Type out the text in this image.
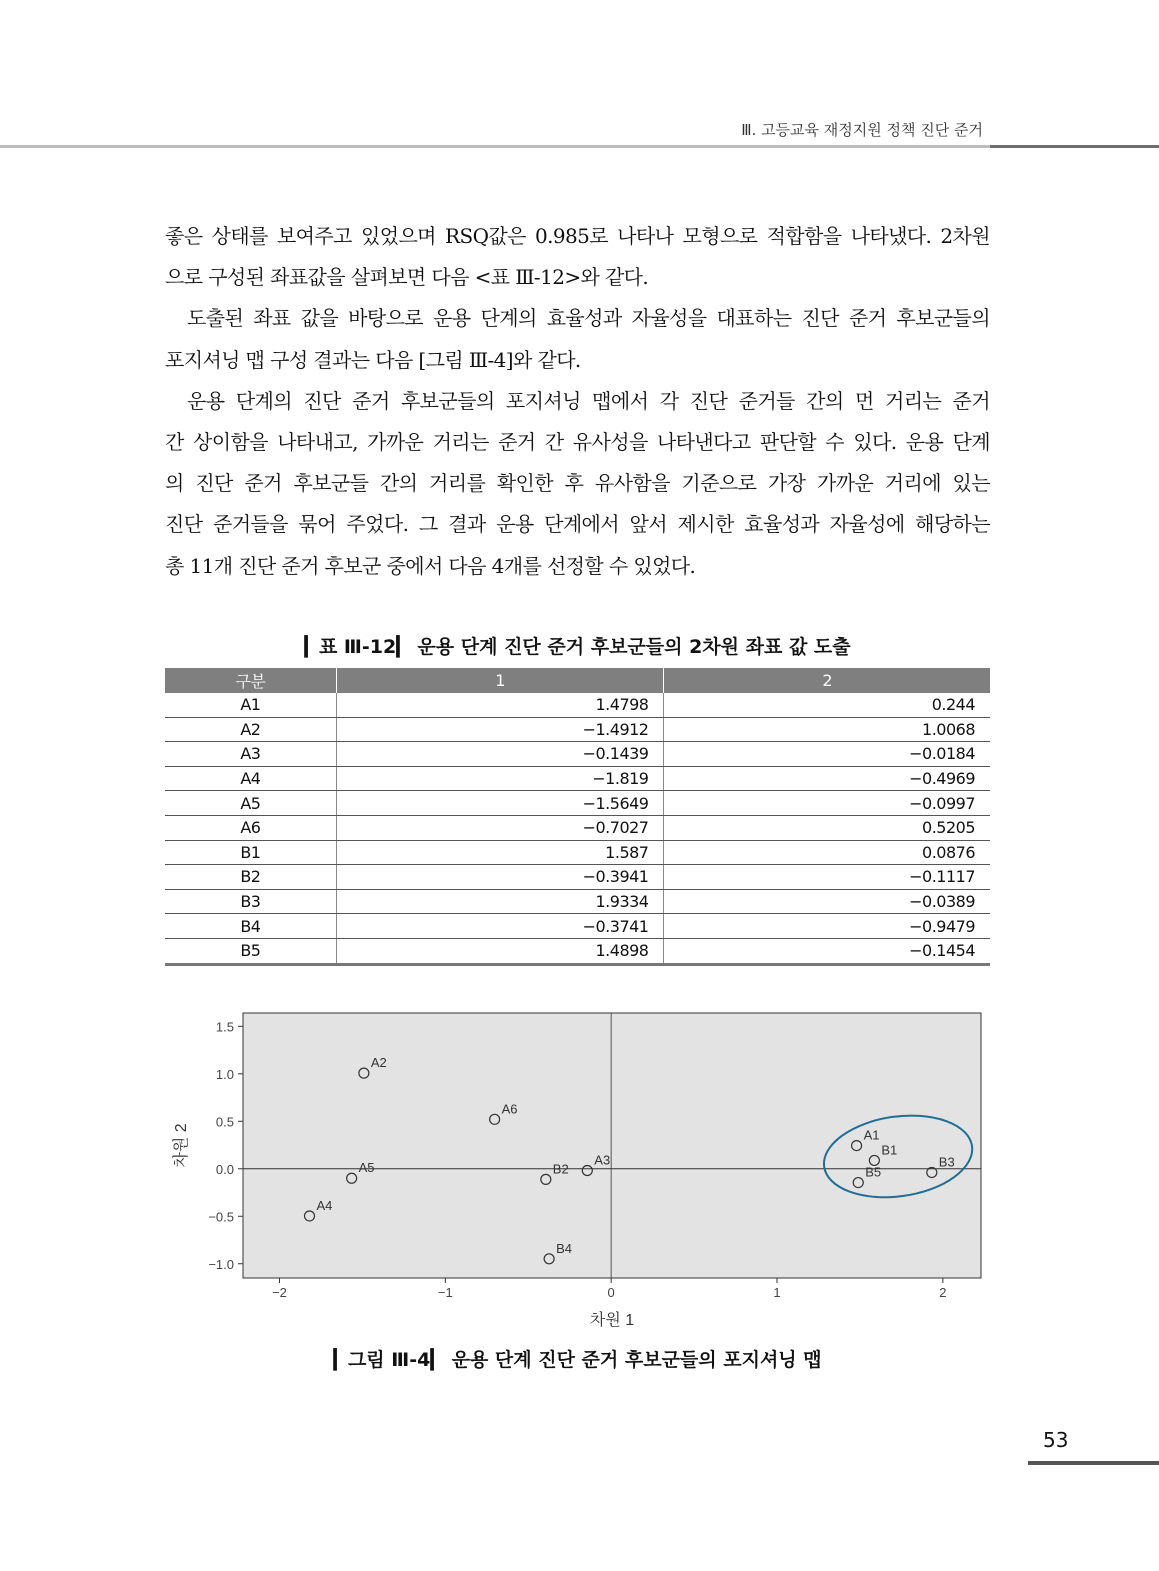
Ⅲ. 고등교육 재정지원 정책 진단 준거
좋은 상태를 보여주고 있었으며 RSQ값은 0.985로 나타나 모형으로 적합함을 나타냈다. 2차원
으로 구성된 좌표값을 살펴보면 다음 <표 Ⅲ-12>와 같다.
도출된 좌표 값을 바탕으로 운용 단계의 효율성과 자율성을 대표하는 진단 준거 후보군들의
포지셔닝 맵 구성 결과는 다음 [그림 Ⅲ-4]와 같다.
운용 단계의 진단 준거 후보군들의 포지셔닝 맵에서 각 진단 준거들 간의 먼 거리는 준거
간 상이함을 나타내고, 가까운 거리는 준거 간 유사성을 나타낸다고 판단할 수 있다. 운용 단계
의 진단 준거 후보군들 간의 거리를 확인한 후 유사함을 기준으로 가장 가까운 거리에 있는
진단 준거들을 묶어 주었다. 그 결과 운용 단계에서 앞서 제시한 효율성과 자율성에 해당하는
총 11개 진단 준거 후보군 중에서 다음 4개를 선정할 수 있었다.
▎표 Ⅲ-12▎ 운용 단계 진단 준거 후보군들의 2차원 좌표 값 도출
구분	1	2
A1	1.4798	0.244
A2	−1.4912	1.0068
A3	−0.1439	−0.0184
A4	−1.819	−0.4969
A5	−1.5649	−0.0997
A6	−0.7027	0.5205
B1	1.587	0.0876
B2	−0.3941	−0.1117
B3	1.9334	−0.0389
B4	−0.3741	−0.9479
B5	1.4898	−0.1454
−2	−1	0	1	2
1.5
1.0
0.5
0.0
−0.5
−1.0
차원 1
차원 2	A1
A2
A3
A4
A5
A6
B1
B2	B3
B4
B5
▎그림 Ⅲ-4▎ 운용 단계 진단 준거 후보군들의 포지셔닝 맵
53
